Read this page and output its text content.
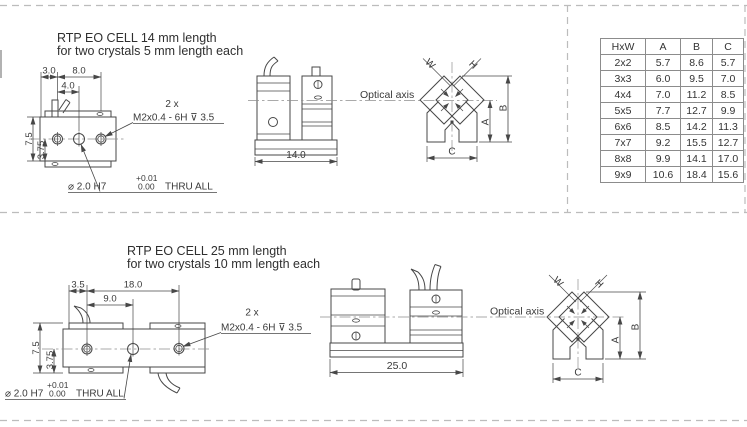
RTP EO CELL 14 mm length
for two crystals 5 mm length each
3.0 8.0
4.0
7.5
3.75
2 x
M2x0.4 - 6H ⊽ 3.5
⌀ 2.0 H7
+0.01
0.00 THRU ALL
14.0
Optical axis
W	H
A
B
C
RTP EO CELL 25 mm length
for two crystals 10 mm length each
3.5	18.0
9.0
7.5
3.75
2 x
M2x0.4 - 6H ⊽ 3.5
⌀ 2.0 H7
+0.01
0.00 THRU ALL
25.0
Optical axis
W	H
A
B
C
HxW	A	B	C
2x2	5.7	8.6	5.7
3x3	6.0	9.5	7.0
4x4	7.0	11.2	8.5
5x5	7.7	12.7	9.9
6x6	8.5	14.2	11.3
7x7	9.2	15.5	12.7
8x8	9.9	14.1	17.0
9x9	10.6	18.4	15.6
